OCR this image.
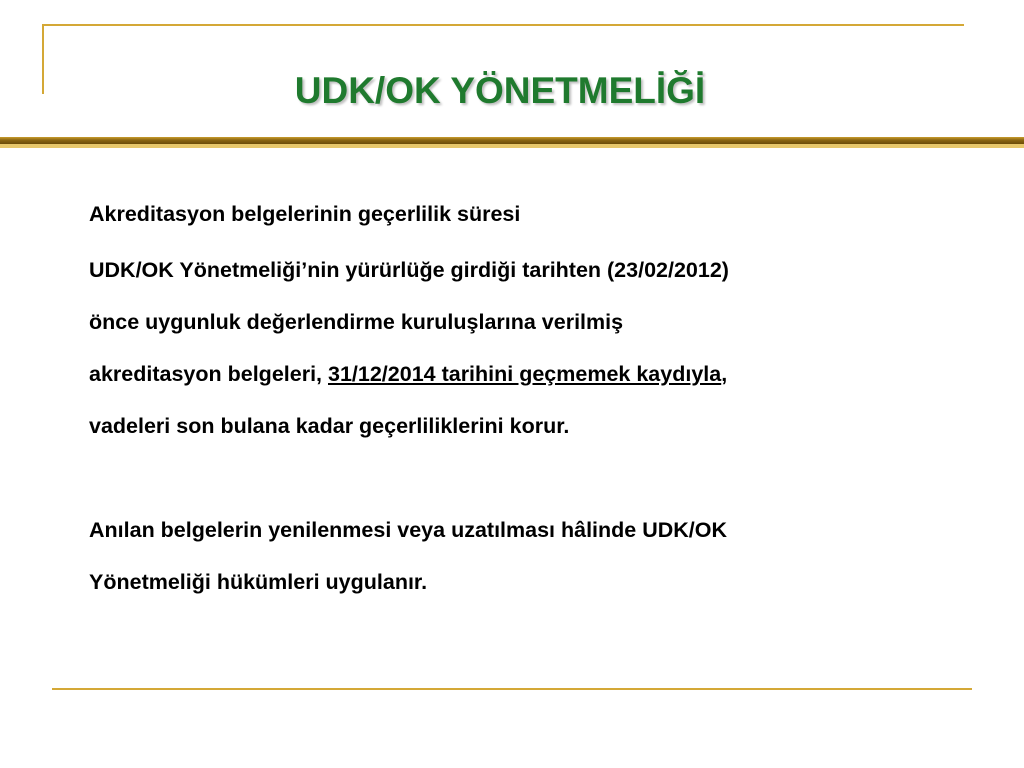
UDK/OK YÖNETMELİĞİ

Akreditasyon belgelerinin geçerlilik süresi

UDK/OK Yönetmeliği’nin yürürlüğe girdiği tarihten (23/02/2012)
önce uygunluk değerlendirme kuruluşlarına verilmiş
akreditasyon belgeleri, 31/12/2014 tarihini geçmemek kaydıyla,
vadeleri son bulana kadar geçerliliklerini korur.

Anılan belgelerin yenilenmesi veya uzatılması hâlinde UDK/OK
Yönetmeliği hükümleri uygulanır.
